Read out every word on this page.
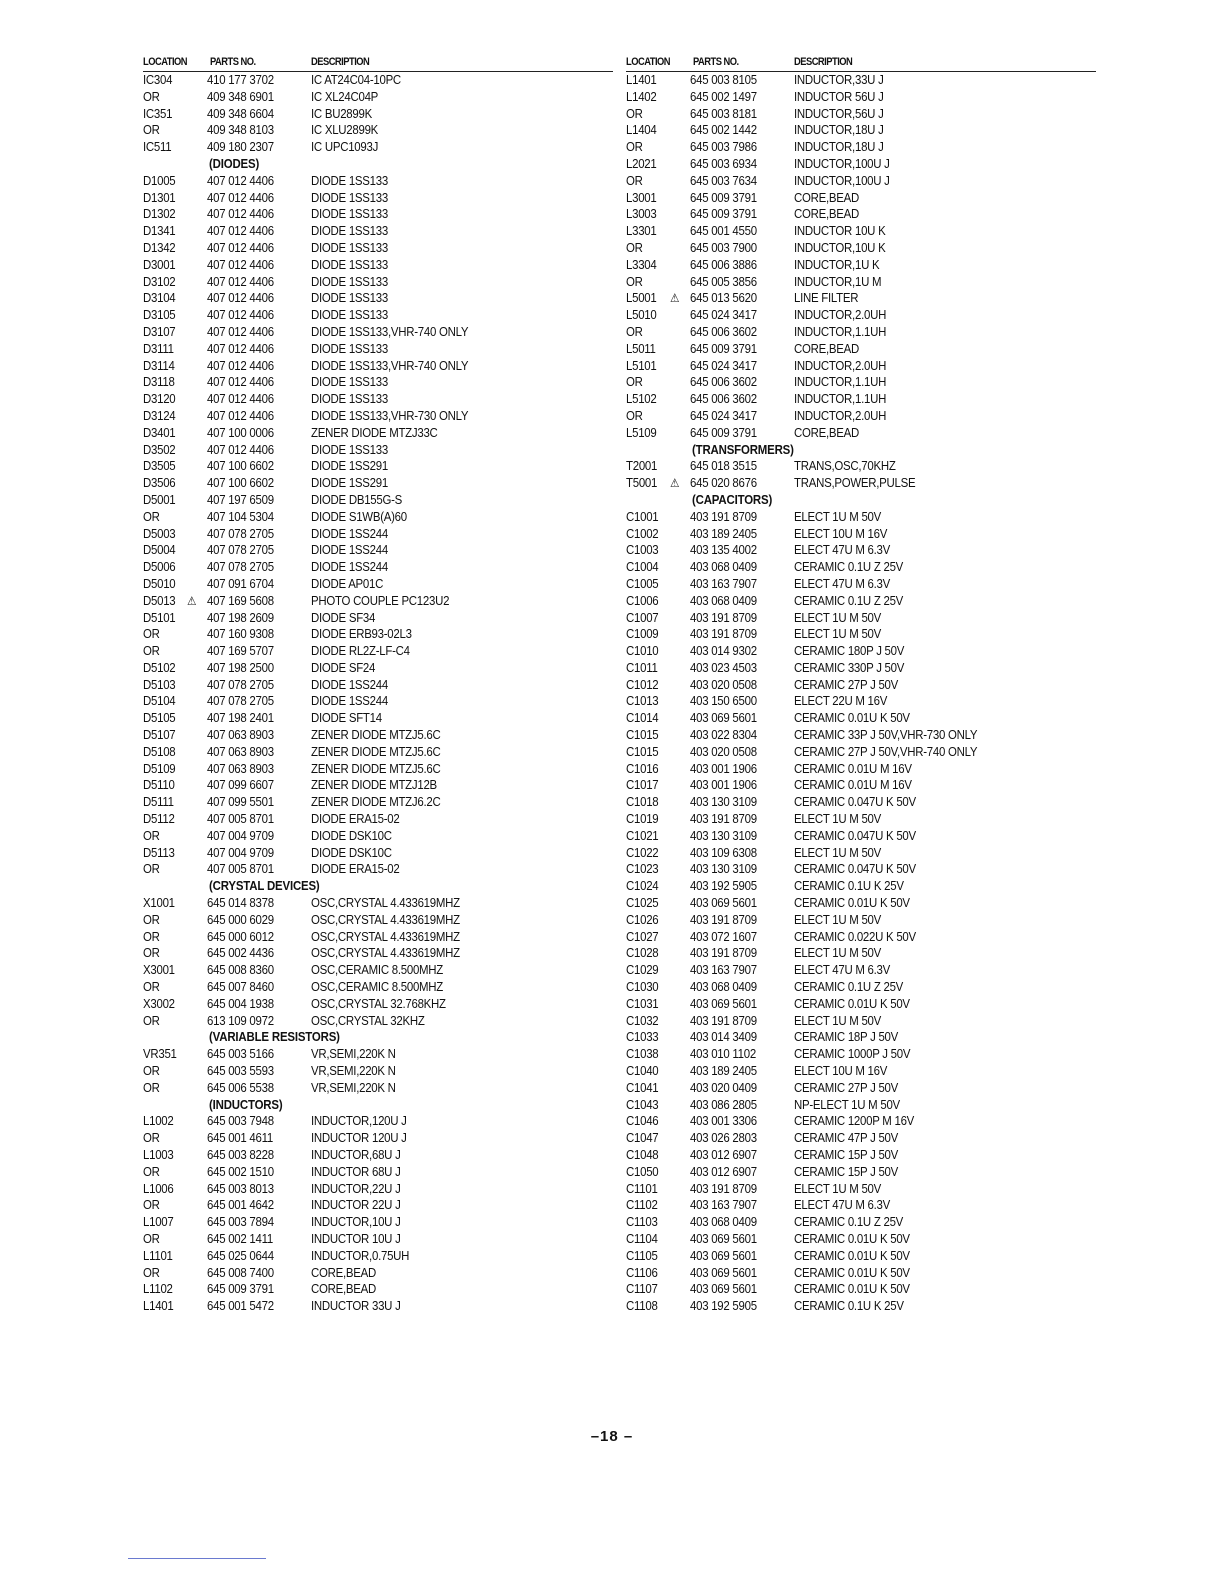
LOCATION PARTS NO.	DESCRIPTION
IC304	410 177 3702	IC AT24C04-10PC
OR	409 348 6901	IC XL24C04P
IC351	409 348 6604	IC BU2899K
OR	409 348 8103	IC XLU2899K
IC511	409 180 2307	IC UPC1093J
(DIODES)
D1005 407 012 4406	DIODE 1SS133
D1301 407 012 4406	DIODE 1SS133
D1302 407 012 4406	DIODE 1SS133
D1341 407 012 4406	DIODE 1SS133
D1342 407 012 4406	DIODE 1SS133
D3001 407 012 4406	DIODE 1SS133
D3102 407 012 4406	DIODE 1SS133
D3104 407 012 4406	DIODE 1SS133
D3105 407 012 4406	DIODE 1SS133
D3107 407 012 4406	DIODE 1SS133,VHR-740 ONLY
D3111	407 012 4406	DIODE 1SS133
D3114 407 012 4406	DIODE 1SS133,VHR-740 ONLY
D3118 407 012 4406	DIODE 1SS133
D3120 407 012 4406	DIODE 1SS133
D3124 407 012 4406	DIODE 1SS133,VHR-730 ONLY
D3401 407 100 0006	ZENER DIODE MTZJ33C
D3502 407 012 4406	DIODE 1SS133
D3505 407 100 6602	DIODE 1SS291
D3506 407 100 6602	DIODE 1SS291
D5001 407 197 6509	DIODE DB155G-S
OR	407 104 5304	DIODE S1WB(A)60
D5003 407 078 2705	DIODE 1SS244
D5004 407 078 2705	DIODE 1SS244
D5006 407 078 2705	DIODE 1SS244
D5010 407 091 6704	DIODE AP01C
D5013 407 169 5608	PHOTO COUPLE PC123U2
⚠
D5101 407 198 2609	DIODE SF34
OR	407 160 9308	DIODE ERB93-02L3
OR	407 169 5707	DIODE RL2Z-LF-C4
D5102 407 198 2500	DIODE SF24
D5103 407 078 2705	DIODE 1SS244
D5104 407 078 2705	DIODE 1SS244
D5105 407 198 2401	DIODE SFT14
D5107 407 063 8903	ZENER DIODE MTZJ5.6C
D5108 407 063 8903	ZENER DIODE MTZJ5.6C
D5109 407 063 8903	ZENER DIODE MTZJ5.6C
D5110 407 099 6607	ZENER DIODE MTZJ12B
D5111	407 099 5501	ZENER DIODE MTZJ6.2C
D5112 407 005 8701	DIODE ERA15-02
OR	407 004 9709	DIODE DSK10C
D5113 407 004 9709	DIODE DSK10C
OR	407 005 8701	DIODE ERA15-02
(CRYSTAL DEVICES)
X1001 645 014 8378	OSC,CRYSTAL 4.433619MHZ
OR	645 000 6029	OSC,CRYSTAL 4.433619MHZ
OR	645 000 6012	OSC,CRYSTAL 4.433619MHZ
OR	645 002 4436	OSC,CRYSTAL 4.433619MHZ
X3001 645 008 8360	OSC,CERAMIC 8.500MHZ
OR	645 007 8460	OSC,CERAMIC 8.500MHZ
X3002 645 004 1938	OSC,CRYSTAL 32.768KHZ
OR	613 109 0972	OSC,CRYSTAL 32KHZ
(VARIABLE RESISTORS)
VR351 645 003 5166	VR,SEMI,220K N
OR	645 003 5593	VR,SEMI,220K N
OR	645 006 5538	VR,SEMI,220K N
(INDUCTORS)
L1002	645 003 7948	INDUCTOR,120U J
OR	645 001 4611	INDUCTOR 120U J
L1003	645 003 8228	INDUCTOR,68U J
OR	645 002 1510	INDUCTOR 68U J
L1006	645 003 8013	INDUCTOR,22U J
OR	645 001 4642	INDUCTOR 22U J
L1007	645 003 7894	INDUCTOR,10U J
OR	645 002 1411	INDUCTOR 10U J
L1101	645 025 0644	INDUCTOR,0.75UH
OR	645 008 7400	CORE,BEAD
L1102	645 009 3791	CORE,BEAD
L1401	645 001 5472	INDUCTOR 33U J
LOCATION PARTS NO.	DESCRIPTION
L1401	645 003 8105	INDUCTOR,33U J
L1402	645 002 1497	INDUCTOR 56U J
OR	645 003 8181	INDUCTOR,56U J
L1404	645 002 1442	INDUCTOR,18U J
OR	645 003 7986	INDUCTOR,18U J
L2021	645 003 6934	INDUCTOR,100U J
OR	645 003 7634	INDUCTOR,100U J
L3001	645 009 3791	CORE,BEAD
L3003	645 009 3791	CORE,BEAD
L3301	645 001 4550	INDUCTOR 10U K
OR	645 003 7900	INDUCTOR,10U K
L3304	645 006 3886	INDUCTOR,1U K
OR	645 005 3856	INDUCTOR,1U M
L5001	645 013 5620	LINE FILTER
⚠
L5010	645 024 3417	INDUCTOR,2.0UH
OR	645 006 3602	INDUCTOR,1.1UH
L5011	645 009 3791	CORE,BEAD
L5101	645 024 3417	INDUCTOR,2.0UH
OR	645 006 3602	INDUCTOR,1.1UH
L5102	645 006 3602	INDUCTOR,1.1UH
OR	645 024 3417	INDUCTOR,2.0UH
L5109	645 009 3791	CORE,BEAD
(TRANSFORMERS)
T2001	645 018 3515	TRANS,OSC,70KHZ
T5001	645 020 8676	TRANS,POWER,PULSE
⚠
(CAPACITORS)
C1001 403 191 8709	ELECT 1U M 50V
C1002 403 189 2405	ELECT 10U M 16V
C1003 403 135 4002	ELECT 47U M 6.3V
C1004 403 068 0409	CERAMIC 0.1U Z 25V
C1005 403 163 7907	ELECT 47U M 6.3V
C1006 403 068 0409	CERAMIC 0.1U Z 25V
C1007 403 191 8709	ELECT 1U M 50V
C1009 403 191 8709	ELECT 1U M 50V
C1010 403 014 9302	CERAMIC 180P J 50V
C1011 403 023 4503	CERAMIC 330P J 50V
C1012 403 020 0508	CERAMIC 27P J 50V
C1013 403 150 6500	ELECT 22U M 16V
C1014 403 069 5601	CERAMIC 0.01U K 50V
C1015 403 022 8304	CERAMIC 33P J 50V,VHR-730 ONLY
C1015 403 020 0508	CERAMIC 27P J 50V,VHR-740 ONLY
C1016 403 001 1906	CERAMIC 0.01U M 16V
C1017 403 001 1906	CERAMIC 0.01U M 16V
C1018 403 130 3109	CERAMIC 0.047U K 50V
C1019 403 191 8709	ELECT 1U M 50V
C1021 403 130 3109	CERAMIC 0.047U K 50V
C1022 403 109 6308	ELECT 1U M 50V
C1023 403 130 3109	CERAMIC 0.047U K 50V
C1024 403 192 5905	CERAMIC 0.1U K 25V
C1025 403 069 5601	CERAMIC 0.01U K 50V
C1026 403 191 8709	ELECT 1U M 50V
C1027 403 072 1607	CERAMIC 0.022U K 50V
C1028 403 191 8709	ELECT 1U M 50V
C1029 403 163 7907	ELECT 47U M 6.3V
C1030 403 068 0409	CERAMIC 0.1U Z 25V
C1031 403 069 5601	CERAMIC 0.01U K 50V
C1032 403 191 8709	ELECT 1U M 50V
C1033 403 014 3409	CERAMIC 18P J 50V
C1038 403 010 1102	CERAMIC 1000P J 50V
C1040 403 189 2405	ELECT 10U M 16V
C1041 403 020 0409	CERAMIC 27P J 50V
C1043 403 086 2805	NP-ELECT 1U M 50V
C1046 403 001 3306	CERAMIC 1200P M 16V
C1047 403 026 2803	CERAMIC 47P J 50V
C1048 403 012 6907	CERAMIC 15P J 50V
C1050 403 012 6907	CERAMIC 15P J 50V
C1101 403 191 8709	ELECT 1U M 50V
C1102 403 163 7907	ELECT 47U M 6.3V
C1103 403 068 0409	CERAMIC 0.1U Z 25V
C1104 403 069 5601	CERAMIC 0.01U K 50V
C1105 403 069 5601	CERAMIC 0.01U K 50V
C1106 403 069 5601	CERAMIC 0.01U K 50V
C1107 403 069 5601	CERAMIC 0.01U K 50V
C1108 403 192 5905	CERAMIC 0.1U K 25V
–18 –
